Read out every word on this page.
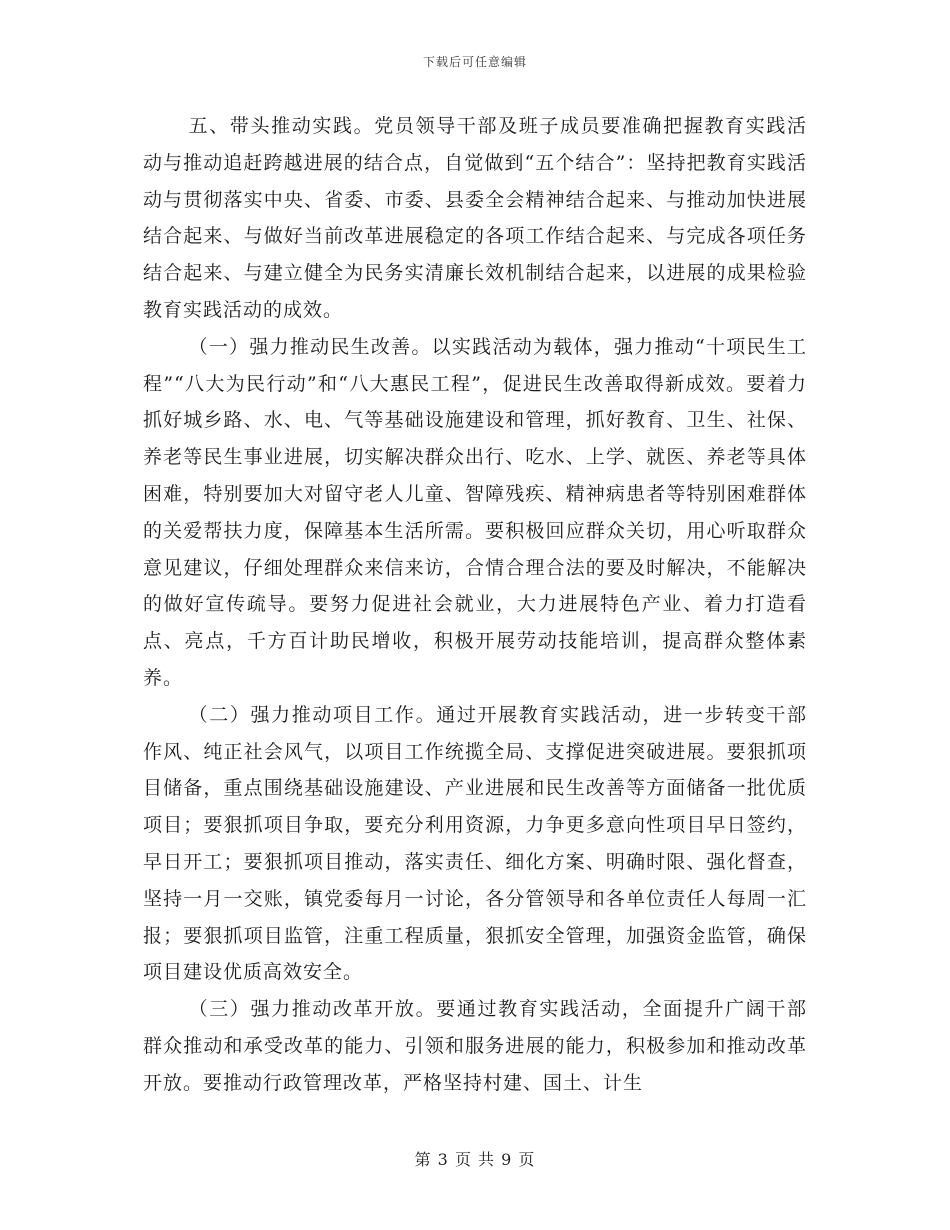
下载后可任意编辑

五、带头推动实践。党员领导干部及班子成员要准确把握教育实践活动与推动追赶跨越进展的结合点，自觉做到“五个结合”：坚持把教育实践活动与贯彻落实中央、省委、市委、县委全会精神结合起来、与推动加快进展结合起来、与做好当前改革进展稳定的各项工作结合起来、与完成各项任务结合起来、与建立健全为民务实清廉长效机制结合起来，以进展的成果检验教育实践活动的成效。

（一）强力推动民生改善。以实践活动为载体，强力推动“十项民生工程”“八大为民行动”和“八大惠民工程”，促进民生改善取得新成效。要着力抓好城乡路、水、电、气等基础设施建设和管理，抓好教育、卫生、社保、养老等民生事业进展，切实解决群众出行、吃水、上学、就医、养老等具体困难，特别要加大对留守老人儿童、智障残疾、精神病患者等特别困难群体的关爱帮扶力度，保障基本生活所需。要积极回应群众关切，用心听取群众意见建议，仔细处理群众来信来访，合情合理合法的要及时解决，不能解决的做好宣传疏导。要努力促进社会就业，大力进展特色产业、着力打造看点、亮点，千方百计助民增收，积极开展劳动技能培训，提高群众整体素养。

（二）强力推动项目工作。通过开展教育实践活动，进一步转变干部作风、纯正社会风气，以项目工作统揽全局、支撑促进突破进展。要狠抓项目储备，重点围绕基础设施建设、产业进展和民生改善等方面储备一批优质项目；要狠抓项目争取，要充分利用资源，力争更多意向性项目早日签约，早日开工；要狠抓项目推动，落实责任、细化方案、明确时限、强化督查，坚持一月一交账，镇党委每月一讨论，各分管领导和各单位责任人每周一汇报；要狠抓项目监管，注重工程质量，狠抓安全管理，加强资金监管，确保项目建设优质高效安全。

（三）强力推动改革开放。要通过教育实践活动，全面提升广阔干部群众推动和承受改革的能力、引领和服务进展的能力，积极参加和推动改革开放。要推动行政管理改革，严格坚持村建、国土、计生

第 3 页 共 9 页
